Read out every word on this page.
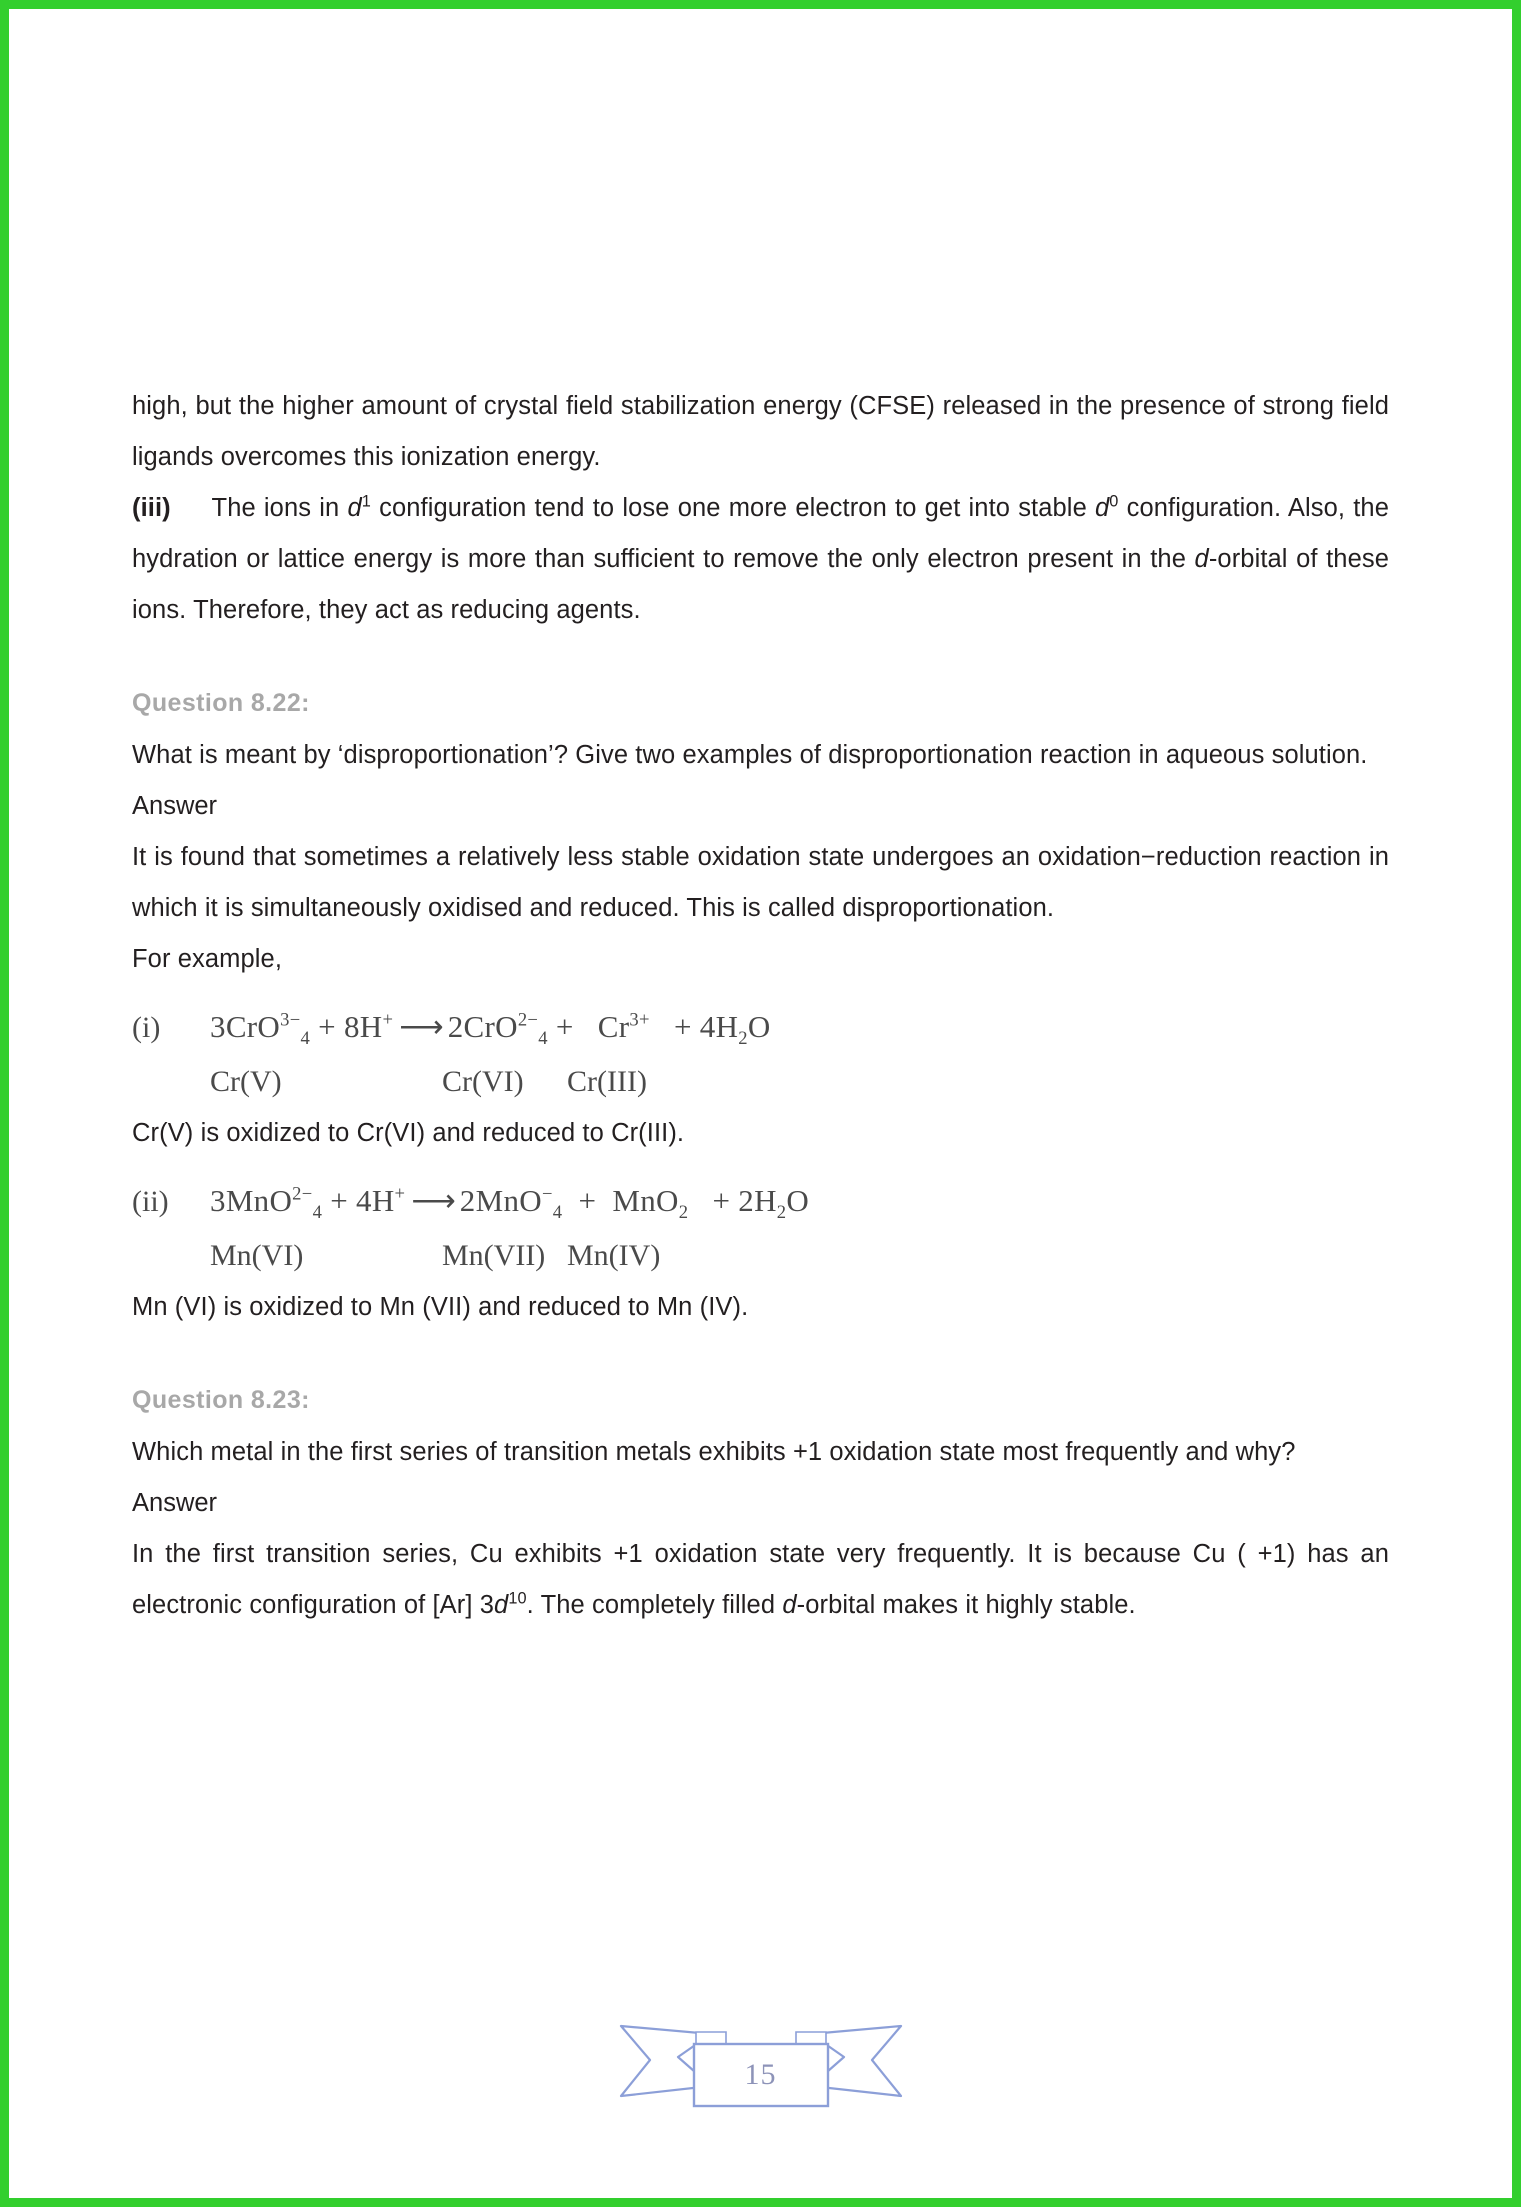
high, but the higher amount of crystal field stabilization energy (CFSE) released in the presence of strong field ligands overcomes this ionization energy.

(iii) The ions in $d^1$ configuration tend to lose one more electron to get into stable $d^0$ configuration. Also, the hydration or lattice energy is more than sufficient to remove the only electron present in the d-orbital of these ions. Therefore, they act as reducing agents.

Question 8.22:

What is meant by ‘disproportionation’? Give two examples of disproportionation reaction in aqueous solution.

Answer

It is found that sometimes a relatively less stable oxidation state undergoes an oxidation−reduction reaction in which it is simultaneously oxidised and reduced. This is called disproportionation.

For example,

(i)	3CrO$^{3-}_4$ + 8H+ ⟶ $2CrO^{2-}_4 + Cr^{3+} + 4H_2O$
Cr(V)	Cr(VI)	Cr(III)

Cr(V) is oxidized to Cr(VI) and reduced to Cr(III).

(ii)	3MnO$^{2-}_4$ + 4H+ ⟶ $2MnO^-_4 + MnO_2 + 2H_2O$
Mn(VI)	Mn(VII) Mn(IV)

Mn (VI) is oxidized to Mn (VII) and reduced to Mn (IV).

Question 8.23:

Which metal in the first series of transition metals exhibits +1 oxidation state most frequently and why?

Answer

In the first transition series, Cu exhibits +1 oxidation state very frequently. It is because Cu ( +1) has an electronic configuration of [Ar] $3d^{10}$. The completely filled d-orbital makes it highly stable.

15
